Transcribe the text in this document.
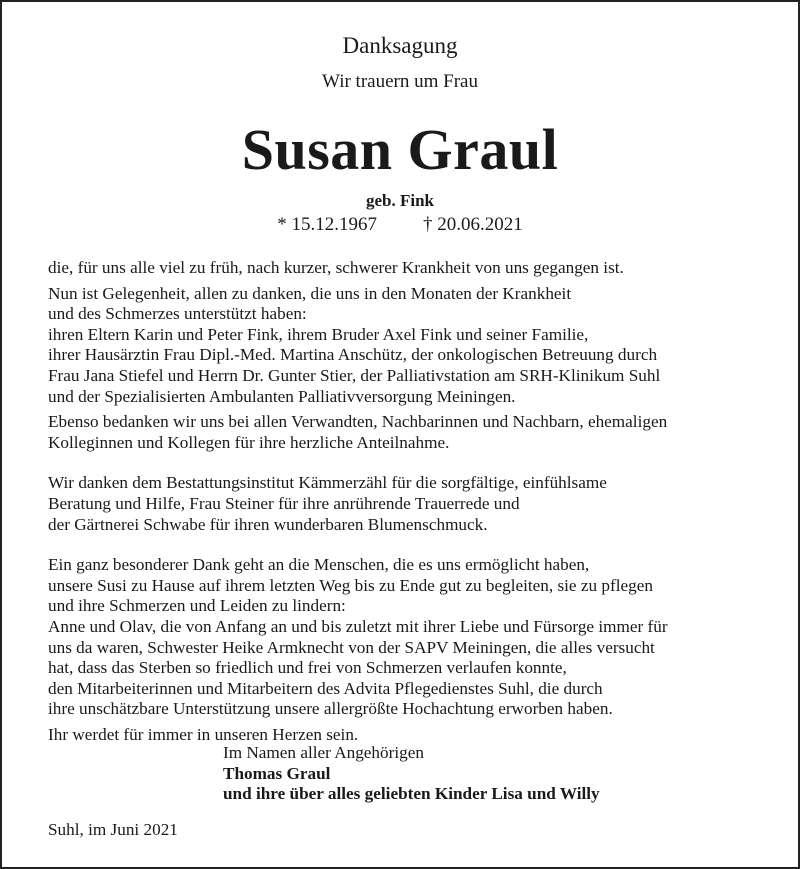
Danksagung
Wir trauern um Frau
Susan Graul
geb. Fink
* 15.12.1967 † 20.06.2021

die, für uns alle viel zu früh, nach kurzer, schwerer Krankheit von uns gegangen ist.

Nun ist Gelegenheit, allen zu danken, die uns in den Monaten der Krankheit
und des Schmerzes unterstützt haben:
ihren Eltern Karin und Peter Fink, ihrem Bruder Axel Fink und seiner Familie,
ihrer Hausärztin Frau Dipl.-Med. Martina Anschütz, der onkologischen Betreuung durch
Frau Jana Stiefel und Herrn Dr. Gunter Stier, der Palliativstation am SRH-Klinikum Suhl
und der Spezialisierten Ambulanten Palliativversorgung Meiningen.

Ebenso bedanken wir uns bei allen Verwandten, Nachbarinnen und Nachbarn, ehemaligen
Kolleginnen und Kollegen für ihre herzliche Anteilnahme.

Wir danken dem Bestattungsinstitut Kämmerzähl für die sorgfältige, einfühlsame
Beratung und Hilfe, Frau Steiner für ihre anrührende Trauerrede und
der Gärtnerei Schwabe für ihren wunderbaren Blumenschmuck.

Ein ganz besonderer Dank geht an die Menschen, die es uns ermöglicht haben,
unsere Susi zu Hause auf ihrem letzten Weg bis zu Ende gut zu begleiten, sie zu pflegen
und ihre Schmerzen und Leiden zu lindern:
Anne und Olav, die von Anfang an und bis zuletzt mit ihrer Liebe und Fürsorge immer für
uns da waren, Schwester Heike Armknecht von der SAPV Meiningen, die alles versucht
hat, dass das Sterben so friedlich und frei von Schmerzen verlaufen konnte,
den Mitarbeiterinnen und Mitarbeitern des Advita Pflegedienstes Suhl, die durch
ihre unschätzbare Unterstützung unsere allergrößte Hochachtung erworben haben.

Ihr werdet für immer in unseren Herzen sein.

Im Namen aller Angehörigen
Thomas Graul
und ihre über alles geliebten Kinder Lisa und Willy
Suhl, im Juni 2021
